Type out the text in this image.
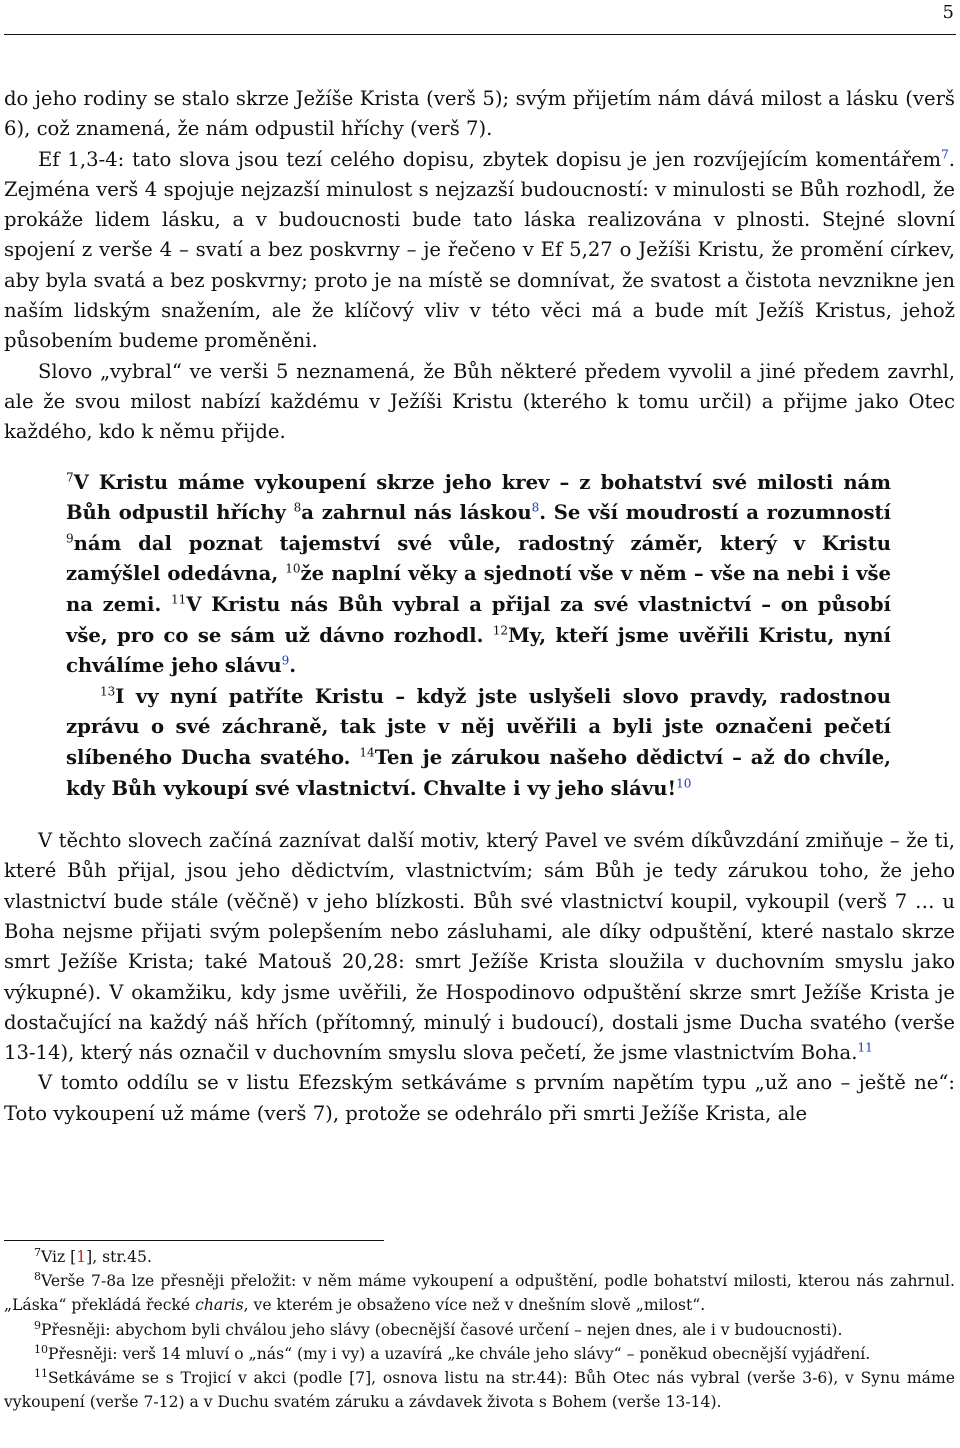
5

do jeho rodiny se stalo skrze Ježíše Krista (verš 5); svým přijetím nám dává milost a lásku (verš 6), což znamená, že nám odpustil hříchy (verš 7).

Ef 1,3-4: tato slova jsou tezí celého dopisu, zbytek dopisu je jen rozvíjejícím komentářem$^7$. Zejména verš 4 spojuje nejzazší minulost s nejzazší budoucností: v minulosti se Bůh rozhodl, že prokáže lidem lásku, a v budoucnosti bude tato láska realizována v plnosti. Stejné slovní spojení z verše 4 – svatí a bez poskvrny – je řečeno v Ef 5,27 o Ježíši Kristu, že promění církev, aby byla svatá a bez poskvrny; proto je na místě se domnívat, že svatost a čistota nevznikne jen naším lidským snažením, ale že klíčový vliv v této věci má a bude mít Ježíš Kristus, jehož působením budeme proměněni.

Slovo „vybral“ ve verši 5 neznamená, že Bůh některé předem vyvolil a jiné předem zavrhl, ale že svou milost nabízí každému v Ježíši Kristu (kterého k tomu určil) a přijme jako Otec každého, kdo k němu přijde.

$^7$V Kristu máme vykoupení skrze jeho krev – z bohatství své milosti nám Bůh odpustil hříchy $^8$a zahrnul nás láskou$^8$. Se vší moudrostí a rozumností $^9$nám dal poznat tajemství své vůle, radostný záměr, který v Kristu zamýšlel odedávna, $^{10}$že naplní věky a sjednotí vše v něm – vše na nebi i vše na zemi. $^{11}$V Kristu nás Bůh vybral a přijal za své vlastnictví – on působí vše, pro co se sám už dávno rozhodl. $^{12}$My, kteří jsme uvěřili Kristu, nyní chválíme jeho slávu$^9$.

$^{13}$I vy nyní patříte Kristu – když jste uslyšeli slovo pravdy, radostnou zprávu o své záchraně, tak jste v něj uvěřili a byli jste označeni pečetí slíbeného Ducha svatého. $^{14}$Ten je zárukou našeho dědictví – až do chvíle, kdy Bůh vykoupí své vlastnictví. Chvalte i vy jeho slávu!$^{10}$

V těchto slovech začíná zaznívat další motiv, který Pavel ve svém díkůvzdání zmiňuje – že ti, které Bůh přijal, jsou jeho dědictvím, vlastnictvím; sám Bůh je tedy zárukou toho, že jeho vlastnictví bude stále (věčně) v jeho blízkosti. Bůh své vlastnictví koupil, vykoupil (verš 7 … u Boha nejsme přijati svým polepšením nebo zásluhami, ale díky odpuštění, které nastalo skrze smrt Ježíše Krista; také Matouš 20,28: smrt Ježíše Krista sloužila v duchovním smyslu jako výkupné). V okamžiku, kdy jsme uvěřili, že Hospodinovo odpuštění skrze smrt Ježíše Krista je dostačující na každý náš hřích (přítomný, minulý i budoucí), dostali jsme Ducha svatého (verše 13-14), který nás označil v duchovním smyslu slova pečetí, že jsme vlastnictvím Boha.$^{11}$

V tomto oddílu se v listu Efezským setkáváme s prvním napětím typu „už ano – ještě ne“: Toto vykoupení už máme (verš 7), protože se odehrálo při smrti Ježíše Krista, ale

$^7$Viz [1], str.45.

$^8$Verše 7-8a lze přesněji přeložit: v něm máme vykoupení a odpuštění, podle bohatství milosti, kterou nás zahrnul. „Láska“ překládá řecké charis, ve kterém je obsaženo více než v dnešním slově „milost“.

$^9$Přesněji: abychom byli chválou jeho slávy (obecnější časové určení – nejen dnes, ale i v budoucnosti).

$^{10}$Přesněji: verš 14 mluví o „nás“ (my i vy) a uzavírá „ke chvále jeho slávy“ – poněkud obecnější vyjádření.

$^{11}$Setkáváme se s Trojicí v akci (podle [7], osnova listu na str.44): Bůh Otec nás vybral (verše 3-6), v Synu máme vykoupení (verše 7-12) a v Duchu svatém záruku a závdavek života s Bohem (verše 13-14).
